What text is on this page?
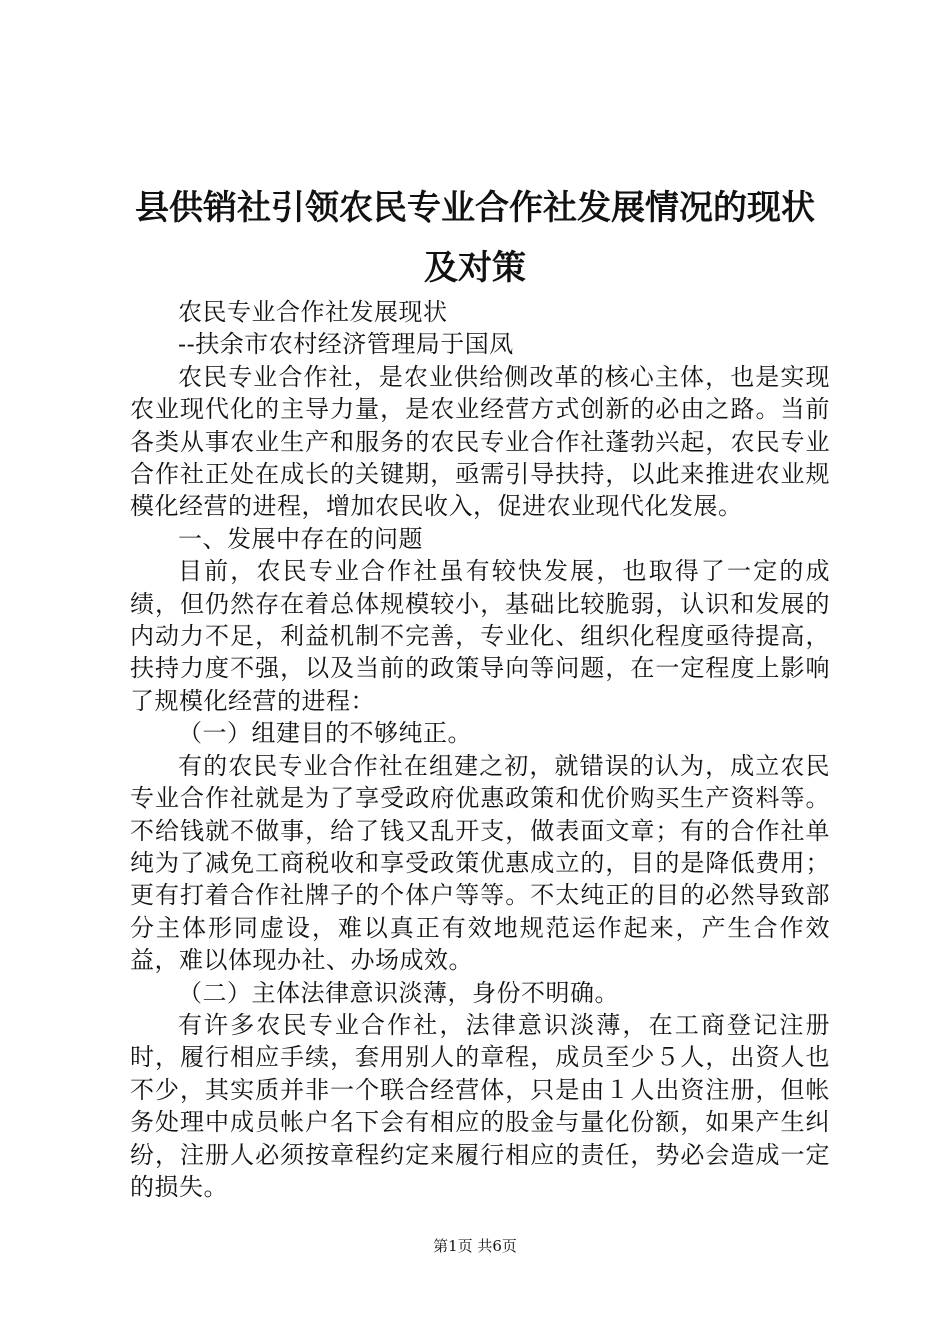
县供销社引领农民专业合作社发展情况的现状及对策

农民专业合作社发展现状

--扶余市农村经济管理局于国凤

农民专业合作社，是农业供给侧改革的核心主体，也是实现农业现代化的主导力量，是农业经营方式创新的必由之路。当前各类从事农业生产和服务的农民专业合作社蓬勃兴起，农民专业合作社正处在成长的关键期，亟需引导扶持，以此来推进农业规模化经营的进程，增加农民收入，促进农业现代化发展。

一、发展中存在的问题

目前，农民专业合作社虽有较快发展，也取得了一定的成绩，但仍然存在着总体规模较小，基础比较脆弱，认识和发展的内动力不足，利益机制不完善，专业化、组织化程度亟待提高，扶持力度不强，以及当前的政策导向等问题，在一定程度上影响了规模化经营的进程：

（一）组建目的不够纯正。

有的农民专业合作社在组建之初，就错误的认为，成立农民专业合作社就是为了享受政府优惠政策和优价购买生产资料等。不给钱就不做事，给了钱又乱开支，做表面文章；有的合作社单纯为了减免工商税收和享受政策优惠成立的，目的是降低费用；更有打着合作社牌子的个体户等等。不太纯正的目的必然导致部分主体形同虚设，难以真正有效地规范运作起来，产生合作效益，难以体现办社、办场成效。

（二）主体法律意识淡薄，身份不明确。

有许多农民专业合作社，法律意识淡薄，在工商登记注册时，履行相应手续，套用别人的章程，成员至少５人，出资人也不少，其实质并非一个联合经营体，只是由１人出资注册，但帐务处理中成员帐户名下会有相应的股金与量化份额，如果产生纠纷，注册人必须按章程约定来履行相应的责任，势必会造成一定的损失。

第1页 共6页
